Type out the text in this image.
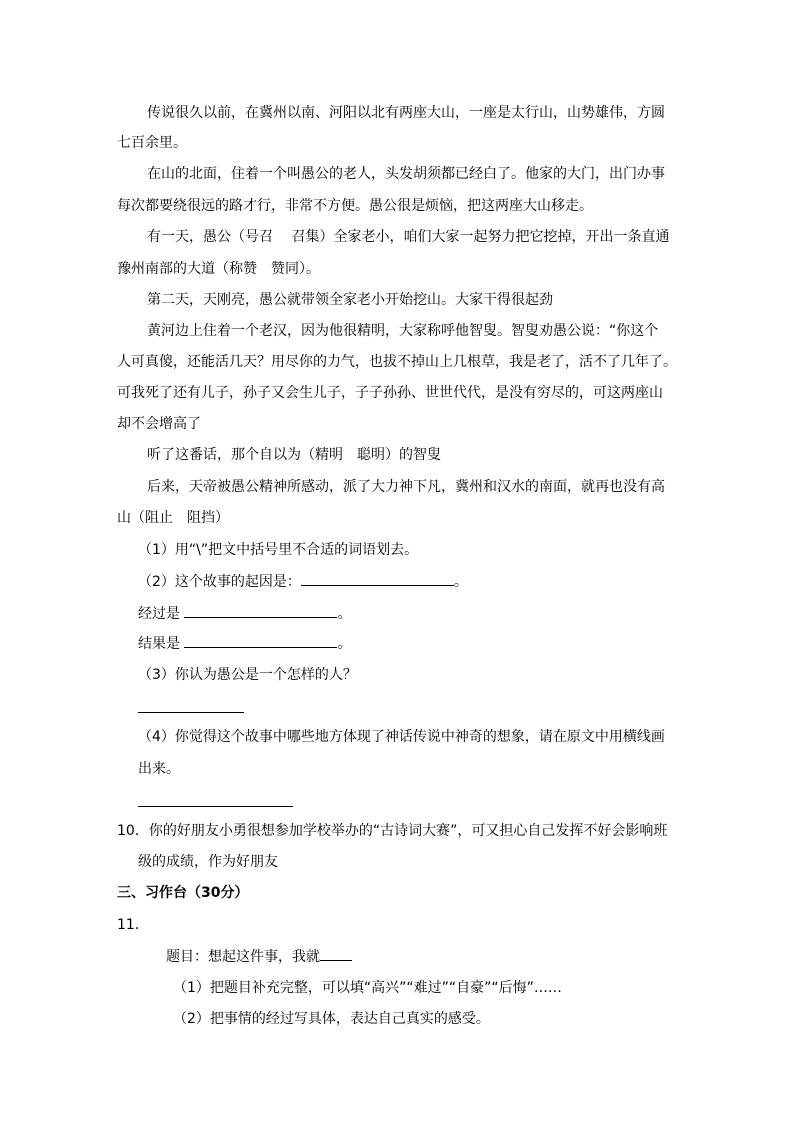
传说很久以前，在冀州以南、河阳以北有两座大山，一座是太行山，山势雄伟，方圆

七百余里。

在山的北面，住着一个叫愚公的老人，头发胡须都已经白了。他家的大门，出门办事

每次都要绕很远的路才行，非常不方便。愚公很是烦恼，把这两座大山移走。

有一天，愚公（号召　 召集）全家老小，咱们大家一起努力把它挖掉，开出一条直通

豫州南部的大道（称赞　赞同）。

第二天，天刚亮，愚公就带领全家老小开始挖山。大家干得很起劲

黄河边上住着一个老汉，因为他很精明，大家称呼他智叟。智叟劝愚公说：“你这个

人可真傻，还能活几天？用尽你的力气，也拔不掉山上几根草，我是老了，活不了几年了。

可我死了还有儿子，孙子又会生儿子，子子孙孙、世世代代，是没有穷尽的，可这两座山

却不会增高了

听了这番话，那个自以为（精明　聪明）的智叟

后来，天帝被愚公精神所感动，派了大力神下凡，冀州和汉水的南面，就再也没有高

山（阻止　阻挡）

（1）用“\”把文中括号里不合适的词语划去。

（2）这个故事的起因是：	。

经过是	。

结果是	。

（3）你认为愚公是一个怎样的人？

（4）你觉得这个故事中哪些地方体现了神话传说中神奇的想象，请在原文中用横线画

出来。

10．你的好朋友小勇很想参加学校举办的“古诗词大赛”，可又担心自己发挥不好会影响班

级的成绩，作为好朋友

三、习作台（30分）

11．

题目：想起这件事，我就

（1）把题目补充完整，可以填“高兴”“难过”“自豪”“后悔”……

（2）把事情的经过写具体，表达自己真实的感受。
